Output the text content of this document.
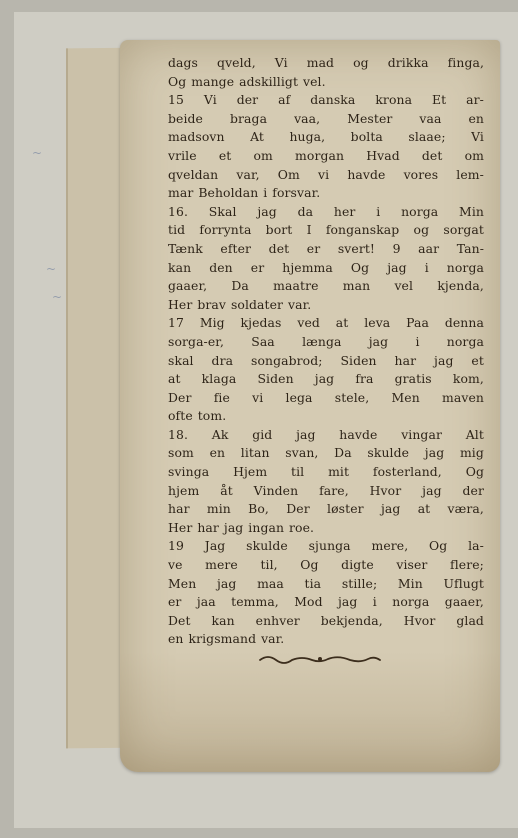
~
~
~
dags qveld, Vi mad og drikka finga,
Og mange adskilligt vel.
15 Vi der af danska krona Et ar-
beide braga vaa, Mester vaa en
madsovn At huga, bolta slaae; Vi
vrile et om morgan Hvad det om
qveldan var, Om vi havde vores lem-
mar Beholdan i forsvar.
16. Skal jag da her i norga Min
tid forrynta bort I fonganskap og sorgat
Tænk efter det er svert! 9 aar Tan-
kan den er hjemma Og jag i norga
gaaer, Da maatre man vel kjenda,
Her brav soldater var.
17 Mig kjedas ved at leva Paa denna
sorga-er, Saa længa jag i norga
skal dra songabrod; Siden har jag et
at klaga Siden jag fra gratis kom,
Der fie vi lega stele, Men maven
ofte tom.
18. Ak gid jag havde vingar Alt
som en litan svan, Da skulde jag mig
svinga Hjem til mit fosterland, Og
hjem åt Vinden fare, Hvor jag der
har min Bo, Der løster jag at væra,
Her har jag ingan roe.
19 Jag skulde sjunga mere, Og la-
ve mere til, Og digte viser flere;
Men jag maa tia stille; Min Uflugt
er jaa temma, Mod jag i norga gaaer,
Det kan enhver bekjenda, Hvor glad
en krigsmand var.
